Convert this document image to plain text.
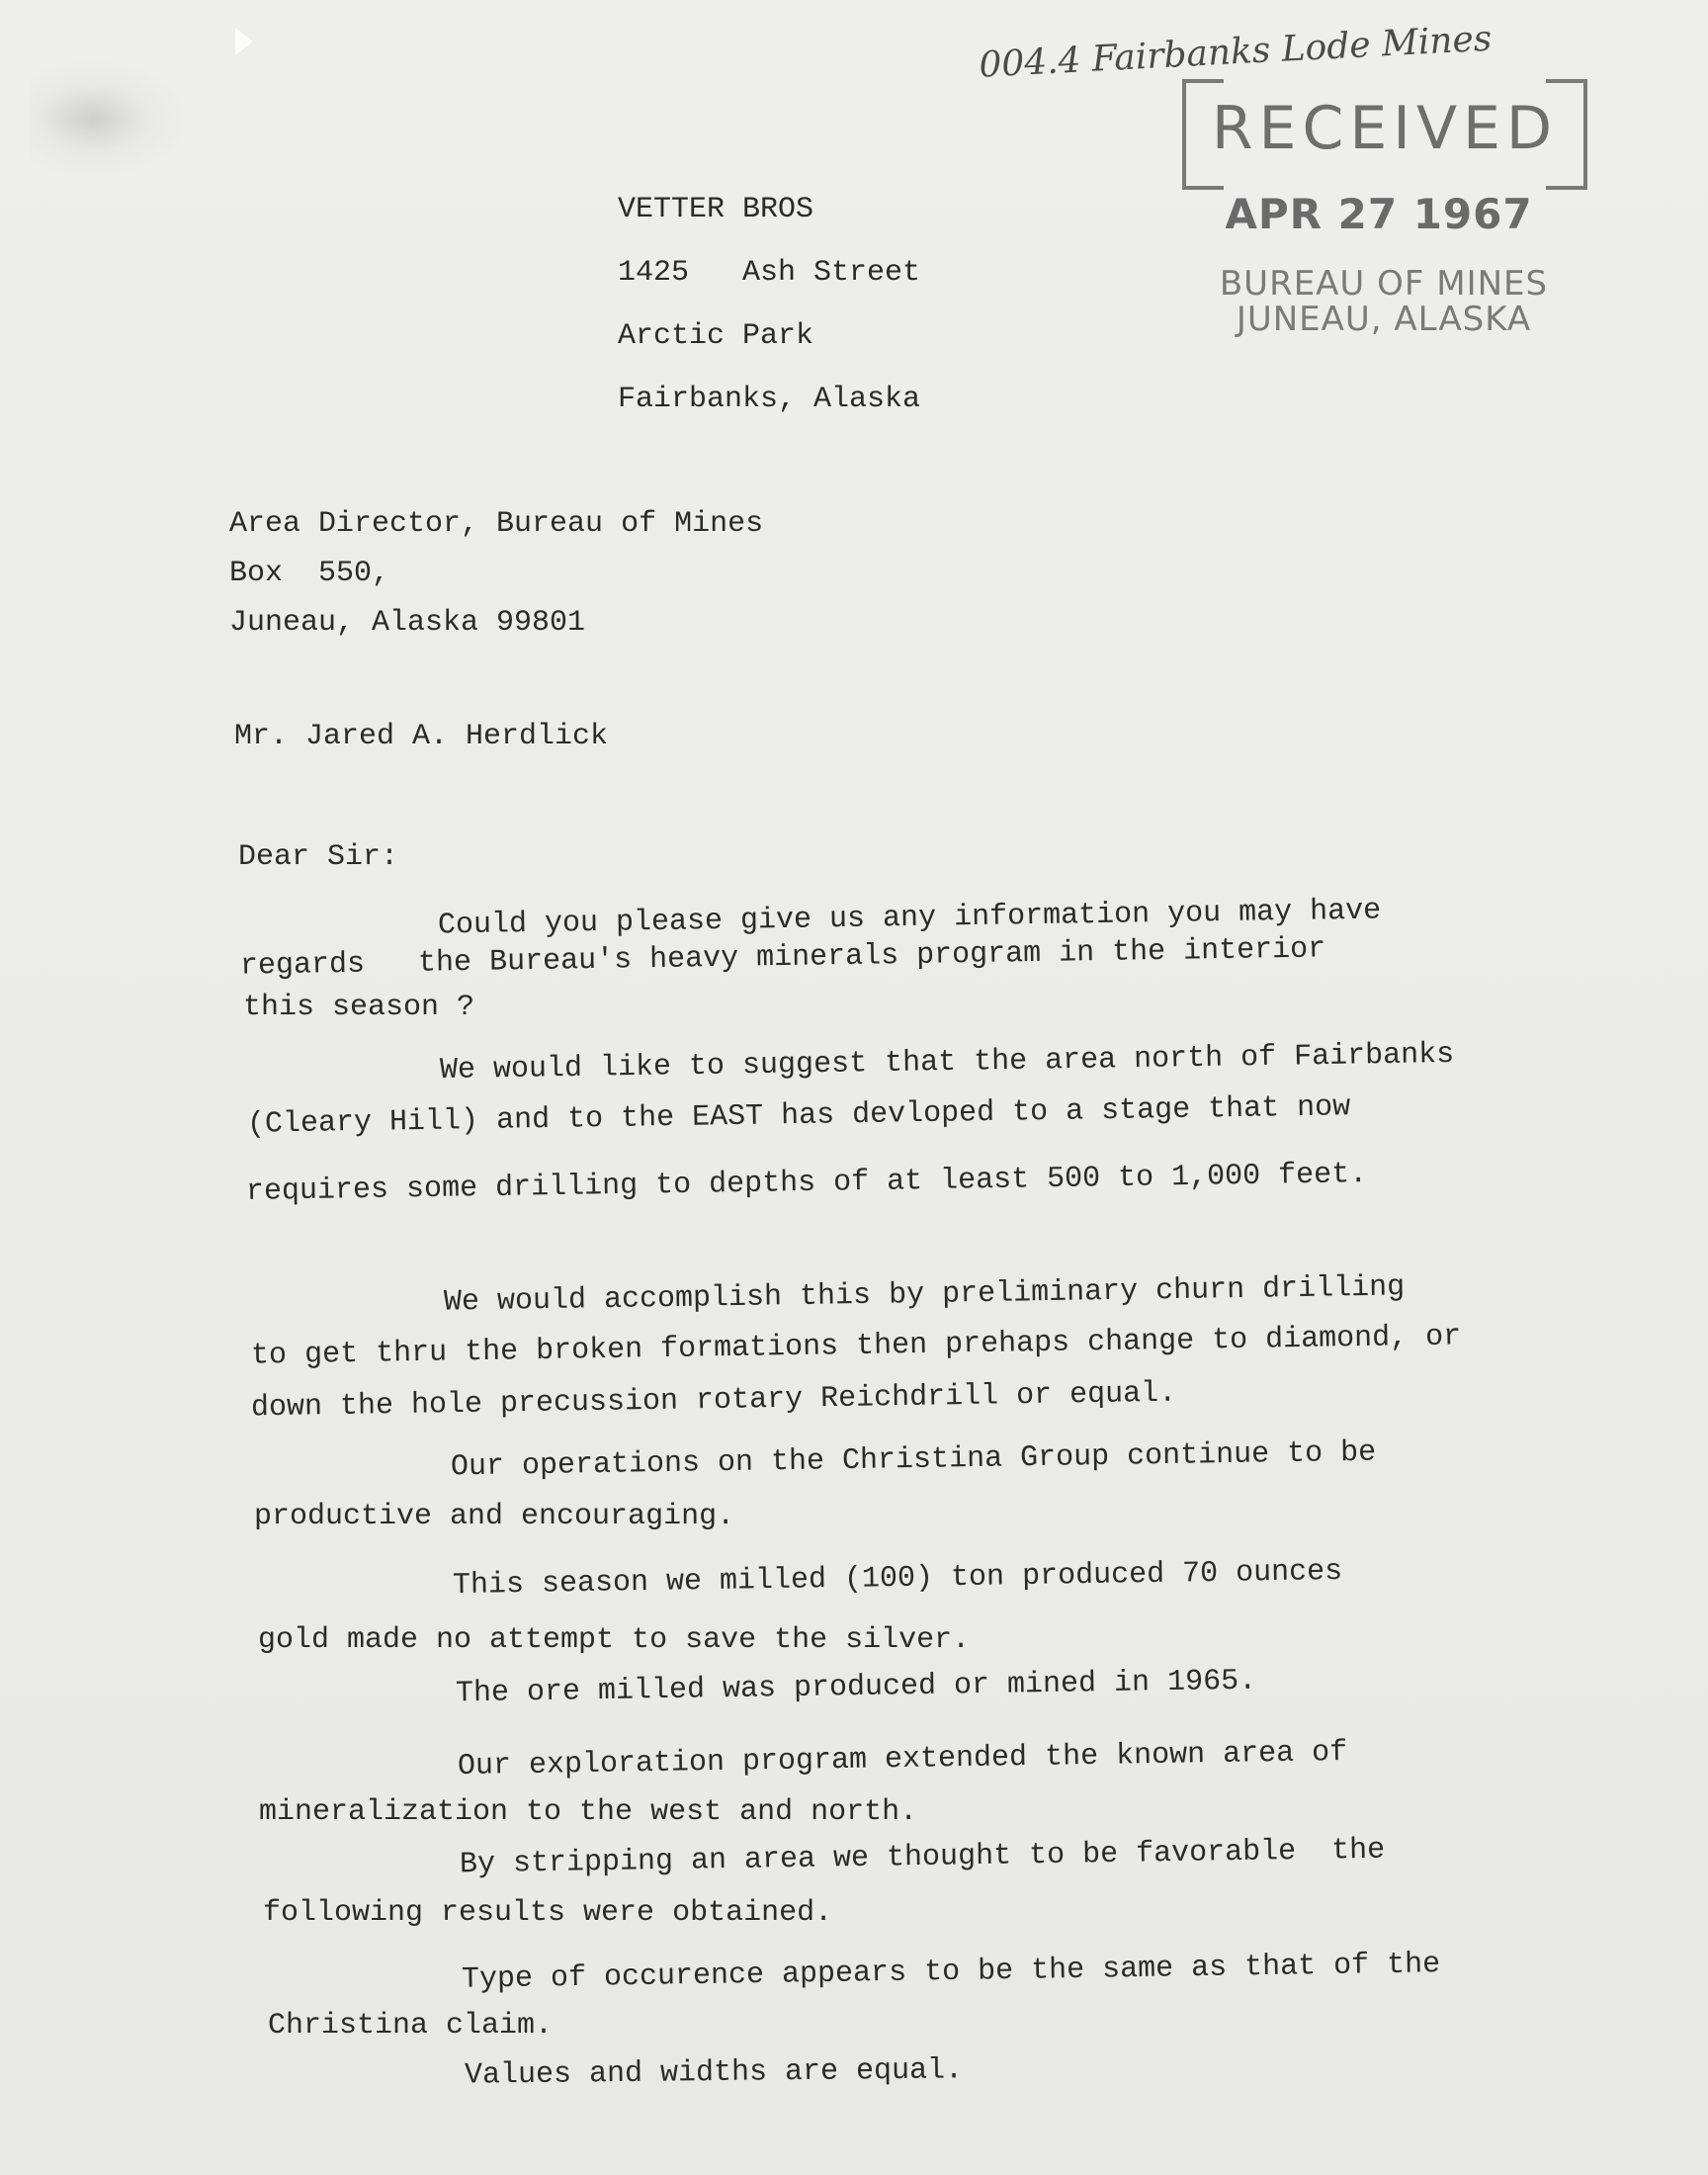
004.4 Fairbanks Lode Mines
RECEIVED
APR 27 1967
BUREAU OF MINES
JUNEAU, ALASKA
VETTER BROS
1425   Ash Street
Arctic Park
Fairbanks, Alaska
Area Director, Bureau of Mines
Box  550,
Juneau, Alaska 99801
Mr. Jared A. Herdlick
Dear Sir:
Could you please give us any information you may have
regards   the Bureau's heavy minerals program in the interior
this season ?
We would like to suggest that the area north of Fairbanks
(Cleary Hill) and to the EAST has devloped to a stage that now
requires some drilling to depths of at least 500 to 1,000 feet.
We would accomplish this by preliminary churn drilling
to get thru the broken formations then prehaps change to diamond, or
down the hole precussion rotary Reichdrill or equal.
Our operations on the Christina Group continue to be
productive and encouraging.
This season we milled (100) ton produced 70 ounces
gold made no attempt to save the silver.
The ore milled was produced or mined in 1965.
Our exploration program extended the known area of
mineralization to the west and north.
By stripping an area we thought to be favorable  the
following results were obtained.
Type of occurence appears to be the same as that of the
Christina claim.
Values and widths are equal.
